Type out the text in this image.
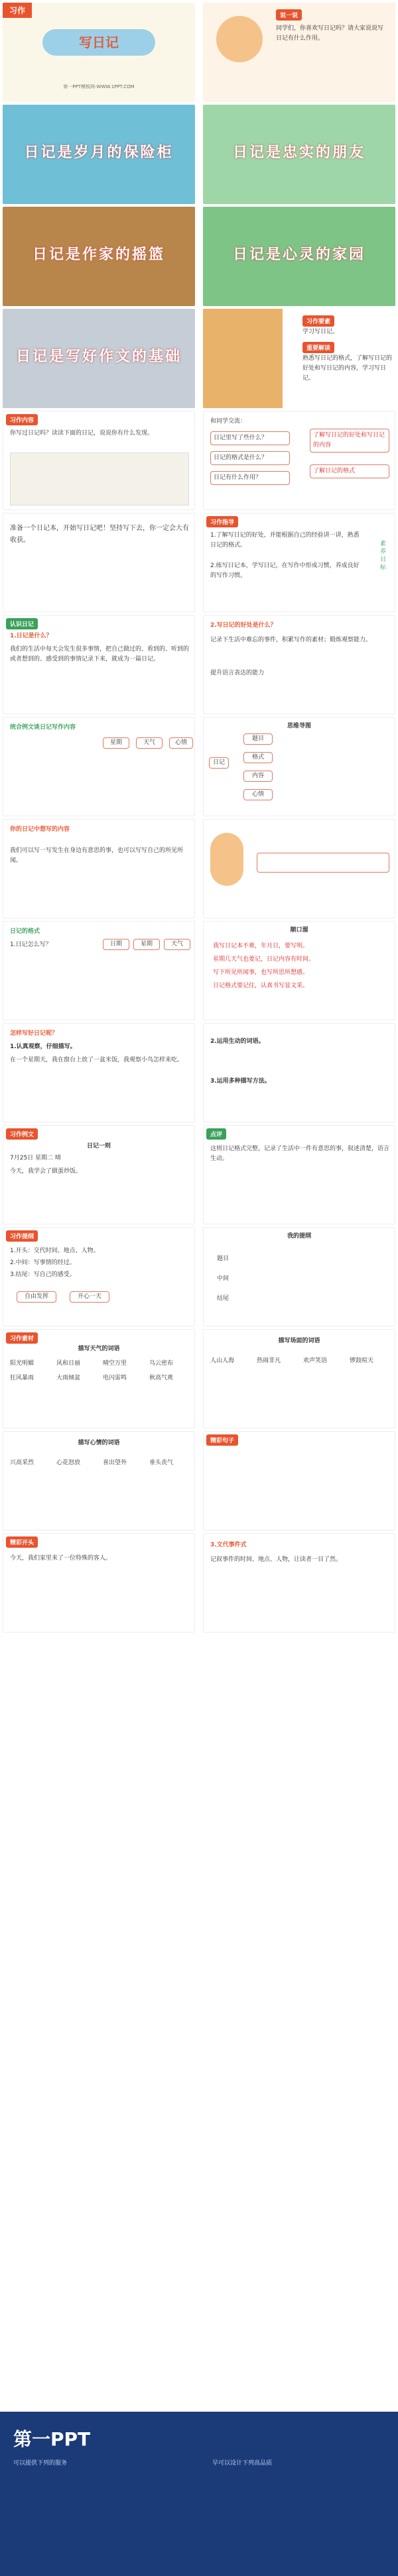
习作
写日记
第一PPT模板网-WWW.1PPT.COM
说一说
同学们，你喜欢写日记吗？请大家说说写日记有什么作用。
日记是岁月的保险柜	日记是忠实的朋友
日记是作家的摇篮	日记是心灵的家园
日记是写好作文的基础
习作要素
学习写日记。
重要解读
熟悉写日记的格式，了解写日记的好处和写日记的内容，学习写日记。
习作内容
你写过日记吗？读读下面的日记，说说你有什么发现。
和同学交流：
日记里写了些什么？
日记的格式是什么？
日记有什么作用？
了解写日记的好处和写日记的内容
了解日记的格式
准备一个日记本，开始写日记吧！坚持写下去，你一定会大有收获。
习作指导
1.了解写日记的好处，并能根据自己的经验讲一讲，熟悉日记的格式。
2.练写日记本，学写日记，在写作中形成习惯，养成良好的写作习惯。
素养目标
认识日记
1.日记是什么？
我们的生活中每天会发生很多事情，把自己做过的、看到的、听到的或者想到的、感受到的事情记录下来，就成为一篇日记。
2.写日记的好处是什么？
记录下生活中难忘的事件，积累写作的素材；锻炼观察能力。
提升语言表达的能力
统合例文谈日记写作内容
星期	天气	心情
思维导图
日记
题目
格式
内容
心情
你的日记中想写的内容
我们可以写一写发生在身边有意思的事，也可以写写自己的所见所闻。
日记的格式
1.日记怎么写？	日期	星期	天气
顺口溜
我写日记本不难，年月日，要写明。
星期几天气也要记，日记内容有时间。
写下所见所闻事，也写所思所想感。
日记格式要记住，认真书写显文采。
怎样写好日记呢？
1.认真观察，仔细描写。
在一个星期天，我在窗台上放了一盆米饭，我观察小鸟怎样来吃。
2.运用生动的词语。
3.运用多种描写方法。
习作例文
日记一则
7月25日 星期二 晴
今天，我学会了做蛋炒饭。
点评
这则日记格式完整，记录了生活中一件有意思的事，叙述清楚，语言生动。
习作提纲
1.开头：交代时间、地点、人物。
2.中间：写事情的经过。
3.结尾：写自己的感受。
自由发挥	开心一天
我的提纲
题目
中间
结尾
习作素材
描写天气的词语
阳光明媚	风和日丽	晴空万里	乌云密布
狂风暴雨	大雨倾盆	电闪雷鸣	秋高气爽
描写场面的词语
人山人海	热闹非凡	欢声笑语	锣鼓喧天
描写心情的词语
兴高采烈	心花怒放	喜出望外	垂头丧气
精彩句子
精彩开头
今天，我们家里来了一位特殊的客人。
3.文代事件式
记叙事件的时间、地点、人物，让读者一目了然。
第一PPT
可以提供下列的服务	早可以设计下列高品质
